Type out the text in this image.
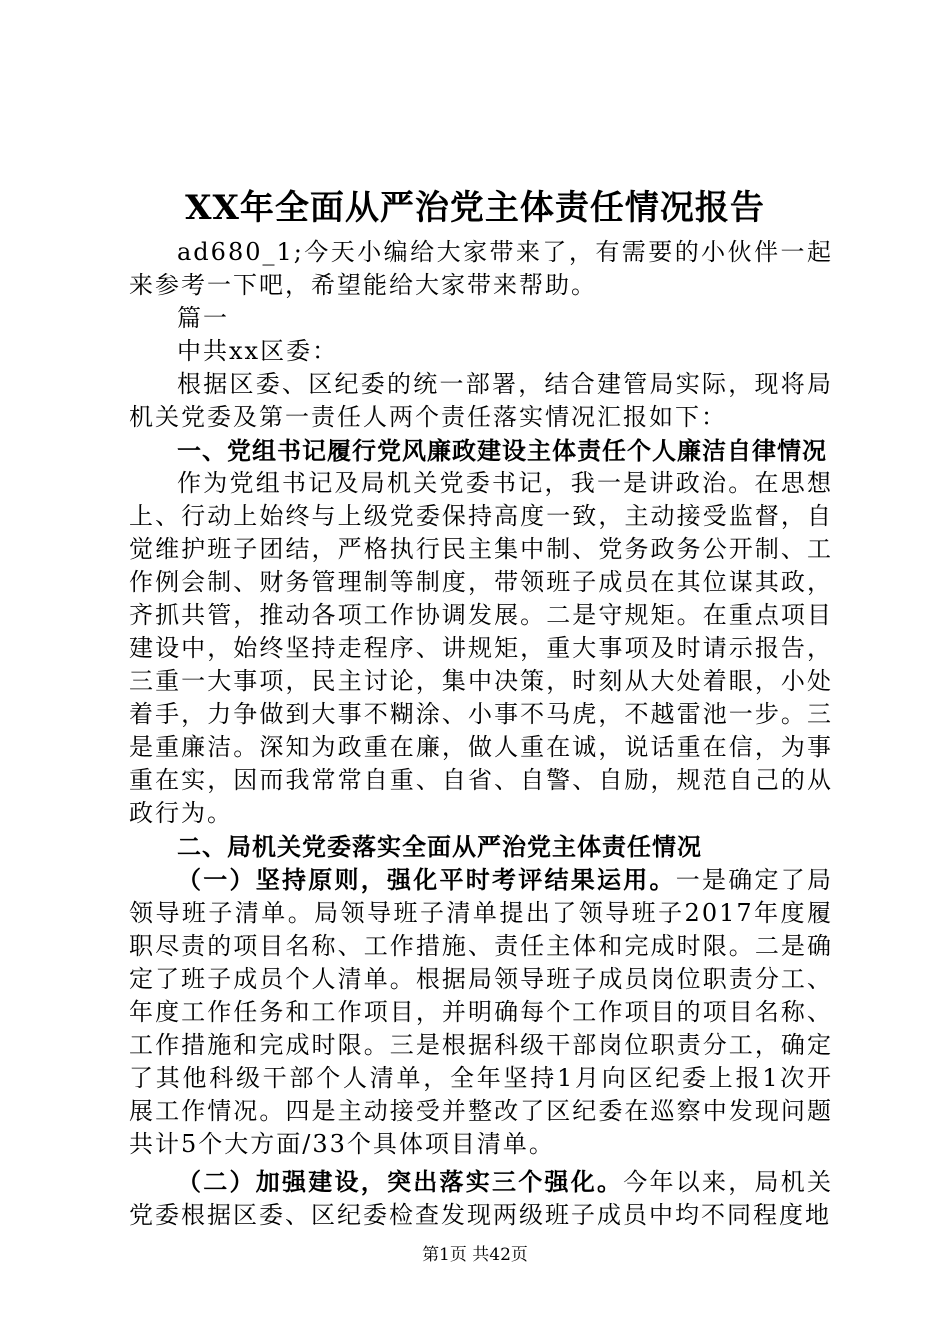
XX年全面从严治党主体责任情况报告

ad680_1;今天小编给大家带来了，有需要的小伙伴一起来参考一下吧，希望能给大家带来帮助。

篇一

中共xx区委：

根据区委、区纪委的统一部署，结合建管局实际，现将局机关党委及第一责任人两个责任落实情况汇报如下：

一、党组书记履行党风廉政建设主体责任个人廉洁自律情况

作为党组书记及局机关党委书记，我一是讲政治。在思想上、行动上始终与上级党委保持高度一致，主动接受监督，自觉维护班子团结，严格执行民主集中制、党务政务公开制、工作例会制、财务管理制等制度，带领班子成员在其位谋其政，齐抓共管，推动各项工作协调发展。二是守规矩。在重点项目建设中，始终坚持走程序、讲规矩，重大事项及时请示报告，三重一大事项，民主讨论，集中决策，时刻从大处着眼，小处着手，力争做到大事不糊涂、小事不马虎，不越雷池一步。三是重廉洁。深知为政重在廉，做人重在诚，说话重在信，为事重在实，因而我常常自重、自省、自警、自励，规范自己的从政行为。

二、局机关党委落实全面从严治党主体责任情况

（一）坚持原则，强化平时考评结果运用。一是确定了局领导班子清单。局领导班子清单提出了领导班子2017年度履职尽责的项目名称、工作措施、责任主体和完成时限。二是确定了班子成员个人清单。根据局领导班子成员岗位职责分工、年度工作任务和工作项目，并明确每个工作项目的项目名称、工作措施和完成时限。三是根据科级干部岗位职责分工，确定了其他科级干部个人清单，全年坚持1月向区纪委上报1次开展工作情况。四是主动接受并整改了区纪委在巡察中发现问题共计5个大方面/33个具体项目清单。

（二）加强建设，突出落实三个强化。今年以来，局机关党委根据区委、区纪委检查发现两级班子成员中均不同程度地

第1页 共42页
